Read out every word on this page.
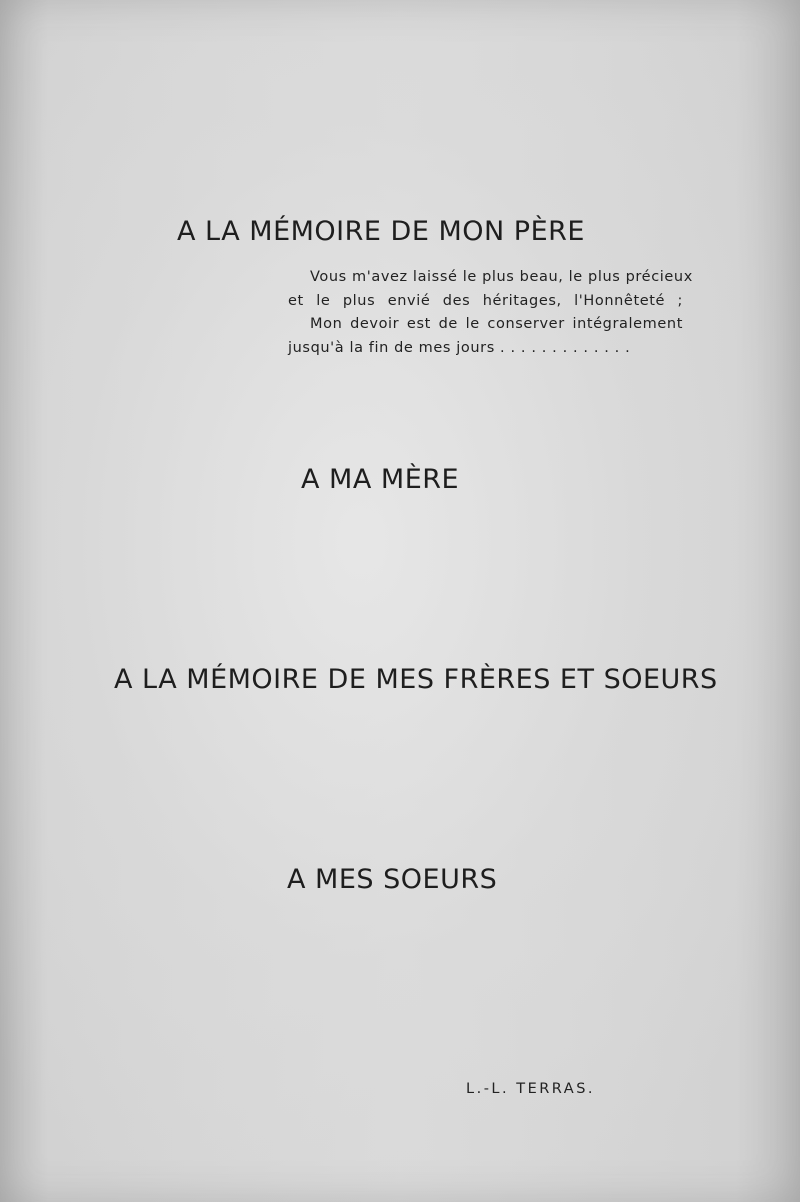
A LA MÉMOIRE DE MON PÈRE
Vous m'avez laissé le plus beau, le plus précieux
et le plus envié des héritages, l'Honnêteté ;
Mon devoir est de le conserver intégralement
jusqu'à la fin de mes jours . . . . . . . . . . . . .
A MA MÈRE
A LA MÉMOIRE DE MES FRÈRES ET SOEURS
A MES SOEURS
L.-L. TERRAS.
